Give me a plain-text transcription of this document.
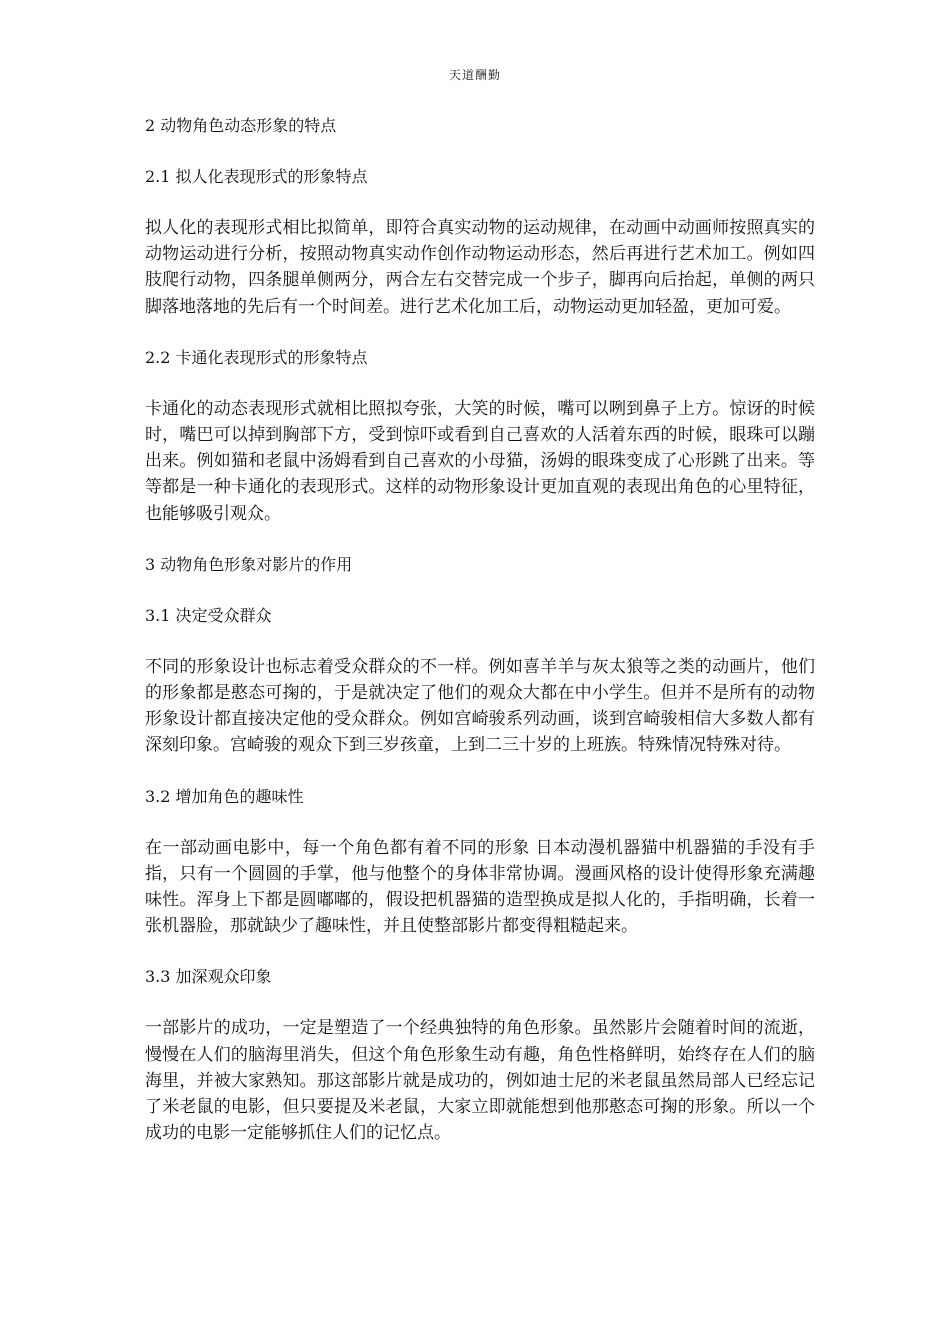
天道酬勤
2 动物角色动态形象的特点
2.1 拟人化表现形式的形象特点
拟人化的表现形式相比拟简单，即符合真实动物的运动规律，在动画中动画师按照真实的动物运动进行分析，按照动物真实动作创作动物运动形态，然后再进行艺术加工。例如四肢爬行动物，四条腿单侧两分，两合左右交替完成一个步子，脚再向后抬起，单侧的两只脚落地落地的先后有一个时间差。进行艺术化加工后，动物运动更加轻盈，更加可爱。
2.2 卡通化表现形式的形象特点
卡通化的动态表现形式就相比照拟夸张，大笑的时候，嘴可以咧到鼻子上方。惊讶的时候时，嘴巴可以掉到胸部下方，受到惊吓或看到自己喜欢的人活着东西的时候，眼珠可以蹦出来。例如猫和老鼠中汤姆看到自己喜欢的小母猫，汤姆的眼珠变成了心形跳了出来。等等都是一种卡通化的表现形式。这样的动物形象设计更加直观的表现出角色的心里特征，也能够吸引观众。
3 动物角色形象对影片的作用
3.1 决定受众群众
不同的形象设计也标志着受众群众的不一样。例如喜羊羊与灰太狼等之类的动画片，他们的形象都是憨态可掬的，于是就决定了他们的观众大都在中小学生。但并不是所有的动物形象设计都直接决定他的受众群众。例如宫崎骏系列动画，谈到宫崎骏相信大多数人都有深刻印象。宫崎骏的观众下到三岁孩童，上到二三十岁的上班族。特殊情况特殊对待。
3.2 增加角色的趣味性
在一部动画电影中，每一个角色都有着不同的形象 日本动漫机器猫中机器猫的手没有手指，只有一个圆圆的手掌，他与他整个的身体非常协调。漫画风格的设计使得形象充满趣味性。浑身上下都是圆嘟嘟的，假设把机器猫的造型换成是拟人化的，手指明确，长着一张机器脸，那就缺少了趣味性，并且使整部影片都变得粗糙起来。
3.3 加深观众印象
一部影片的成功，一定是塑造了一个经典独特的角色形象。虽然影片会随着时间的流逝，慢慢在人们的脑海里消失，但这个角色形象生动有趣，角色性格鲜明，始终存在人们的脑海里，并被大家熟知。那这部影片就是成功的，例如迪士尼的米老鼠虽然局部人已经忘记了米老鼠的电影，但只要提及米老鼠，大家立即就能想到他那憨态可掬的形象。所以一个成功的电影一定能够抓住人们的记忆点。
